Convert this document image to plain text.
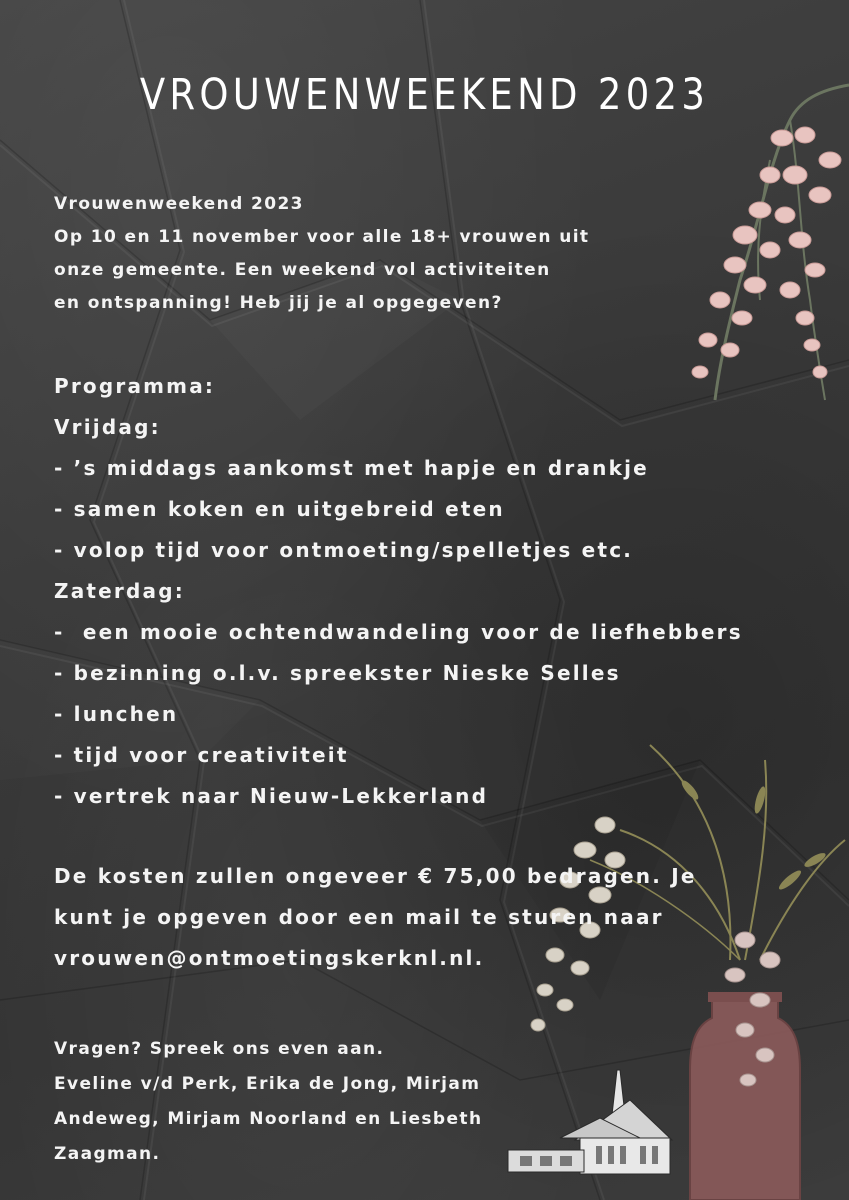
VROUWENWEEKEND 2023
Vrouwenweekend 2023
Op 10 en 11 november voor alle 18+ vrouwen uit
onze gemeente. Een weekend vol activiteiten
en ontspanning! Heb jij je al opgegeven?
Programma:
Vrijdag:
- ’s middags aankomst met hapje en drankje
- samen koken en uitgebreid eten
- volop tijd voor ontmoeting/spelletjes etc.
Zaterdag:
-  een mooie ochtendwandeling voor de liefhebbers
- bezinning o.l.v. spreekster Nieske Selles
- lunchen
- tijd voor creativiteit
- vertrek naar Nieuw-Lekkerland
De kosten zullen ongeveer € 75,00 bedragen. Je
kunt je opgeven door een mail te sturen naar
vrouwen@ontmoetingskerknl.nl.
Vragen? Spreek ons even aan.
Eveline v/d Perk, Erika de Jong, Mirjam
Andeweg, Mirjam Noorland en Liesbeth
Zaagman.
